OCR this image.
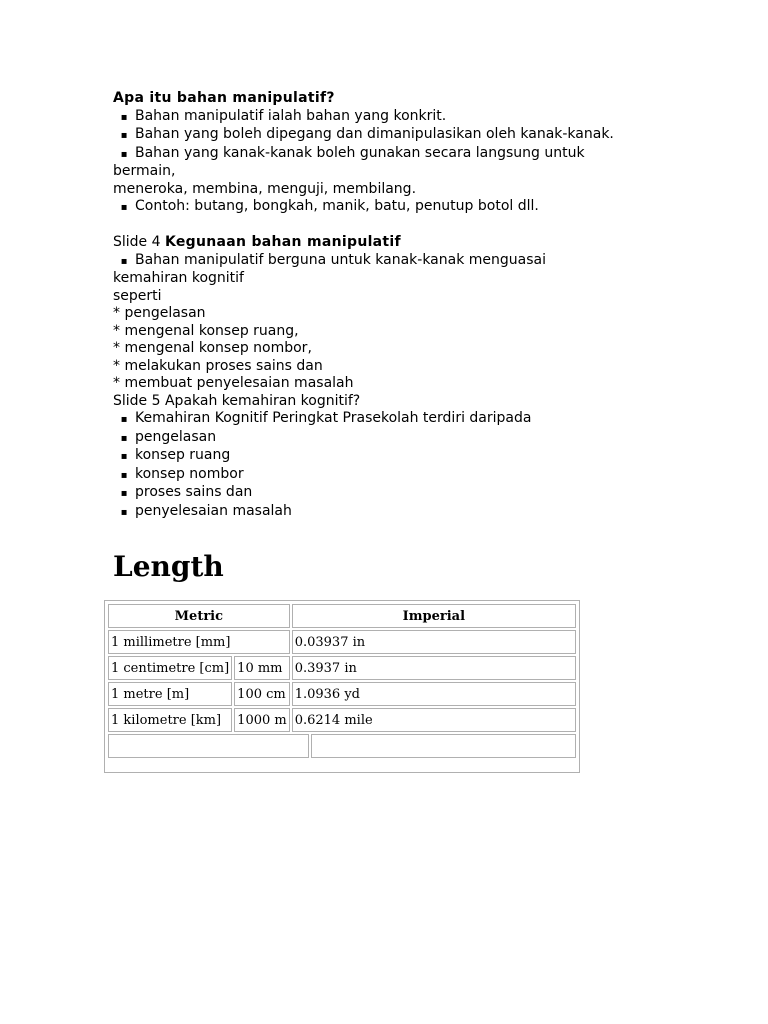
Apa itu bahan manipulatif?
▪ Bahan manipulatif ialah bahan yang konkrit.
▪ Bahan yang boleh dipegang dan dimanipulasikan oleh kanak-kanak.
▪ Bahan yang kanak-kanak boleh gunakan secara langsung untuk
bermain,
meneroka, membina, menguji, membilang.
▪ Contoh: butang, bongkah, manik, batu, penutup botol dll.
Slide 4 Kegunaan bahan manipulatif
▪ Bahan manipulatif berguna untuk kanak-kanak menguasai
kemahiran kognitif
seperti
* pengelasan
* mengenal konsep ruang,
* mengenal konsep nombor,
* melakukan proses sains dan
* membuat penyelesaian masalah
Slide 5 Apakah kemahiran kognitif?
▪ Kemahiran Kognitif Peringkat Prasekolah terdiri daripada
▪ pengelasan
▪ konsep ruang
▪ konsep nombor
▪ proses sains dan
▪ penyelesaian masalah
Length
Metric		Imperial	
1 millimetre [mm]		0.03937 in	
1 centimetre [cm]	10 mm	0.3937 in	
1 metre [m]	100 cm	1.0936 yd	
1 kilometre [km]	1000 m	0.6214 mile	
